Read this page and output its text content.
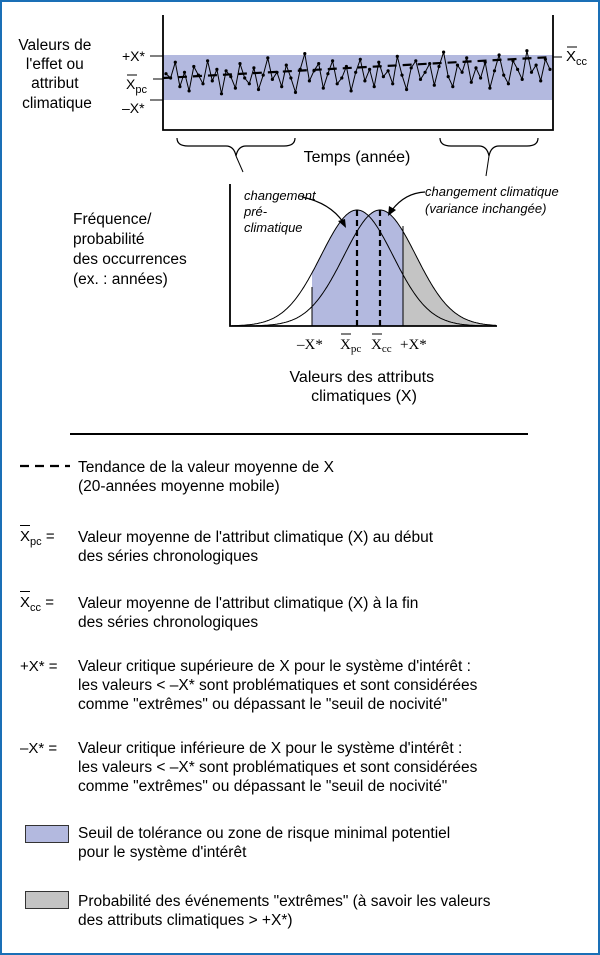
Valeurs de l'effet ou attribut climatique
+X*
$X_{pc}$
–X*
$X_{cc}$
Temps (année)
Fréquence/ probabilité des occurrences (ex. : années)
changement pré- climatique
changement climatique (variance inchangée)
–X* $X_{pc}$ $X_{cc} +X*$
Valeurs des attributs climatiques (X)
Tendance de la valeur moyenne de X
(20-années moyenne mobile)
$X_{pc}$ = Valeur moyenne de l'attribut climatique (X) au début
des séries chronologiques
$X_{cc}$ = Valeur moyenne de l'attribut climatique (X) à la fin
des séries chronologiques
+X* = Valeur critique supérieure de X pour le système d'intérêt :
les valeurs < –X* sont problématiques et sont considérées
comme "extrêmes" ou dépassant le "seuil de nocivité"
–X* = Valeur critique inférieure de X pour le système d'intérêt :
les valeurs < –X* sont problématiques et sont considérées
comme "extrêmes" ou dépassant le "seuil de nocivité"
Seuil de tolérance ou zone de risque minimal potentiel
pour le système d'intérêt
Probabilité des événements "extrêmes" (à savoir les valeurs
des attributs climatiques > +X*)
